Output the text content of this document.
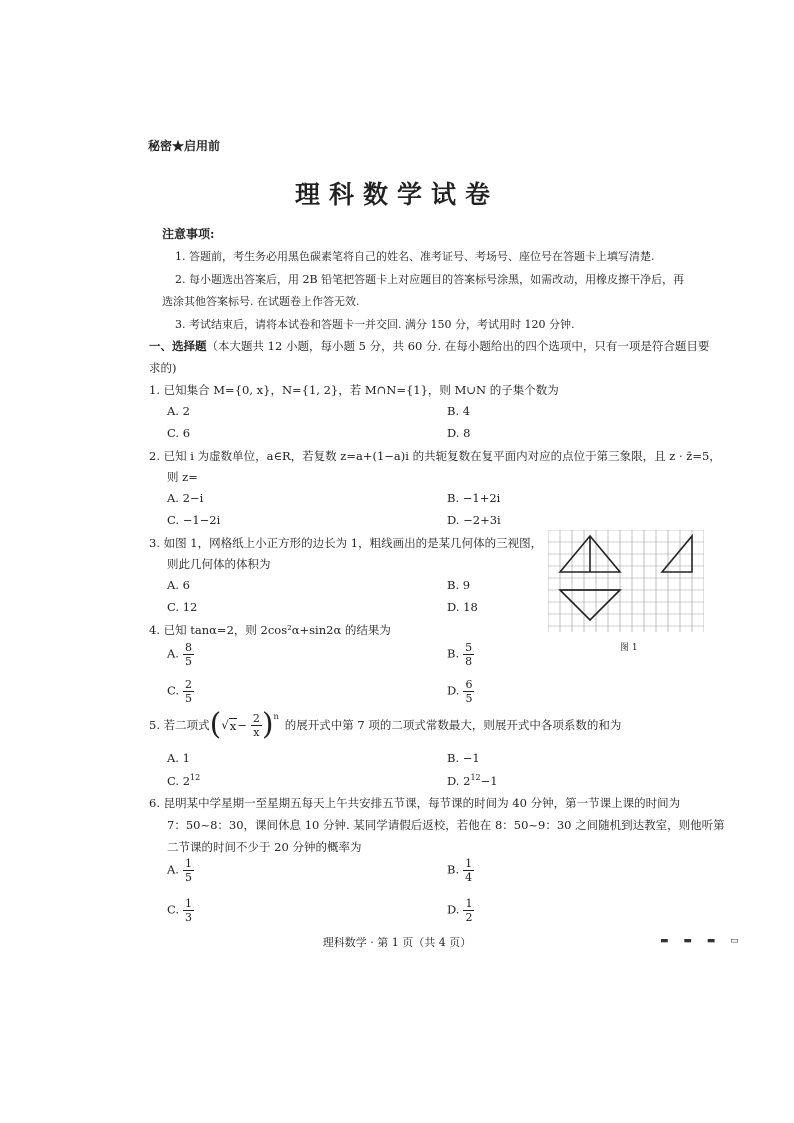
秘密★启用前
理科数学试卷
注意事项:
1. 答题前，考生务必用黑色碳素笔将自己的姓名、准考证号、考场号、座位号在答题卡上填写清楚.
2. 每小题选出答案后，用 2B 铅笔把答题卡上对应题目的答案标号涂黑，如需改动，用橡皮擦干净后，再
选涂其他答案标号. 在试题卷上作答无效.
3. 考试结束后，请将本试卷和答题卡一并交回. 满分 150 分，考试用时 120 分钟.
一、选择题（本大题共 12 小题，每小题 5 分，共 60 分. 在每小题给出的四个选项中，只有一项是符合题目要
求的)
1. 已知集合 M={0, x}，N={1, 2}，若 M∩N={1}，则 M∪N 的子集个数为
A. 2	B. 4
C. 6	D. 8
2. 已知 i 为虚数单位，a∈R，若复数 z=a+(1−a)i 的共轭复数在复平面内对应的点位于第三象限，且 z · z̄=5，
则 z=
A. 2−i	B. −1+2i
C. −1−2i	D. −2+3i
3. 如图 1，网格纸上小正方形的边长为 1，粗线画出的是某几何体的三视图，
则此几何体的体积为
A. 6	B. 9
C. 12	D. 18
图 1
4. 已知 tanα=2，则 2cos²α+sin2α 的结果为
A. $\frac{8}{5}$	B. $\frac{5}{8}$
C. $\frac{2}{5}$	D. $\frac{6}{5}$
5. 若二项式 ( √ $x - \frac{2}{x}$ ) n
的展开式中第 7 项的二项式常数最大，则展开式中各项系数的和为
A. 1	B. −1
C. $2^{12}$	D. $2^{12}-1$
6. 昆明某中学星期一至星期五每天上午共安排五节课，每节课的时间为 40 分钟，第一节课上课的时间为
7：50~8：30，课间休息 10 分钟. 某同学请假后返校，若他在 8：50~9：30 之间随机到达教室，则他听第
二节课的时间不少于 20 分钟的概率为
A. $\frac{1}{5}$	B. $\frac{1}{4}$
C. $\frac{1}{3}$	D. $\frac{1}{2}$
理科数学 · 第 1 页（共 4 页）	▬ ▬ ▬ ▭
